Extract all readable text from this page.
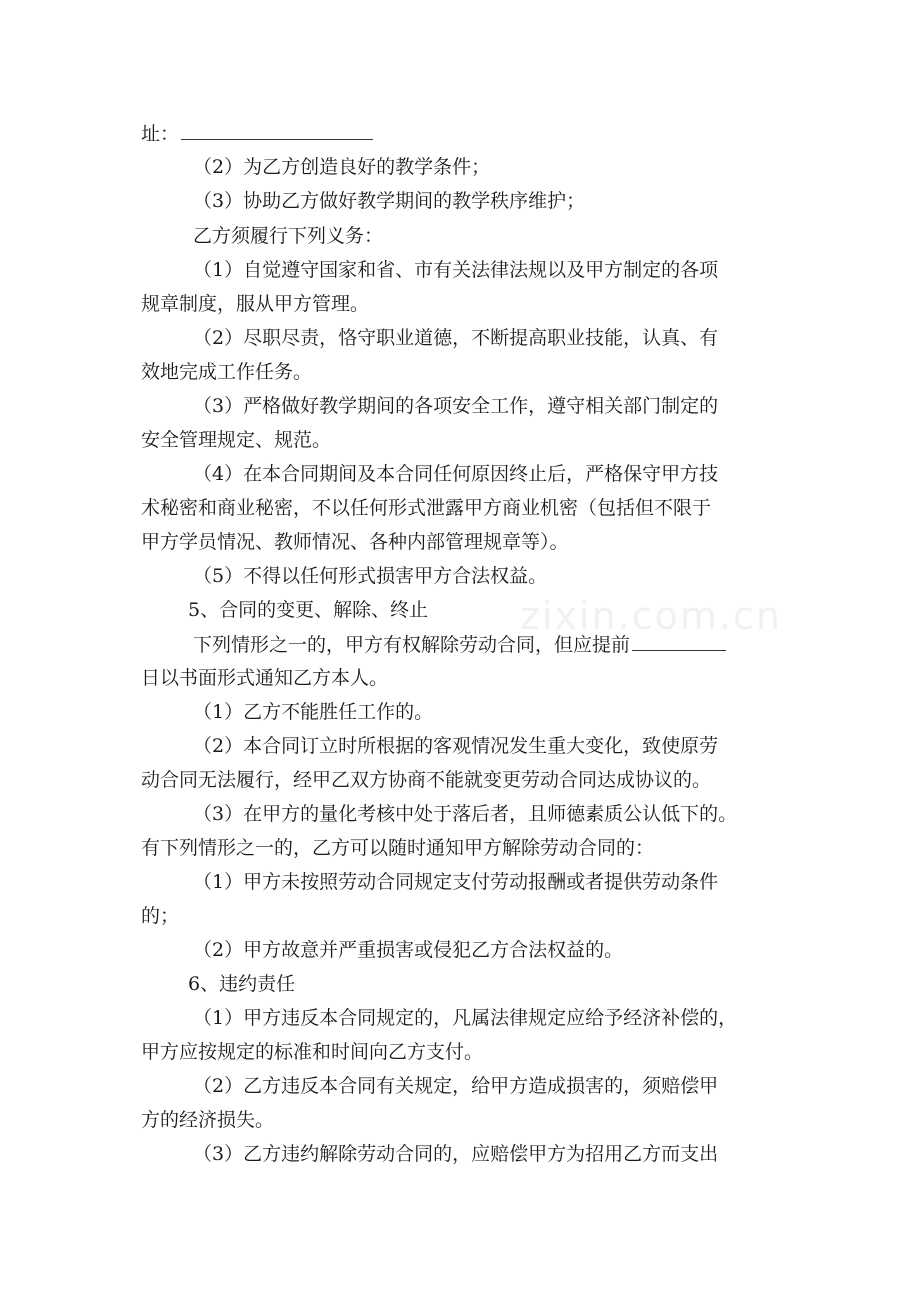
zixin.com.cn
址：
（2）为乙方创造良好的教学条件；
（3）协助乙方做好教学期间的教学秩序维护；
乙方须履行下列义务：
（1）自觉遵守国家和省、市有关法律法规以及甲方制定的各项
规章制度，服从甲方管理。
（2）尽职尽责，恪守职业道德，不断提高职业技能，认真、有
效地完成工作任务。
（3）严格做好教学期间的各项安全工作，遵守相关部门制定的
安全管理规定、规范。
（4）在本合同期间及本合同任何原因终止后，严格保守甲方技
术秘密和商业秘密，不以任何形式泄露甲方商业机密（包括但不限于
甲方学员情况、教师情况、各种内部管理规章等）。
（5）不得以任何形式损害甲方合法权益。
5、合同的变更、解除、终止
下列情形之一的，甲方有权解除劳动合同，但应提前
日以书面形式通知乙方本人。
（1）乙方不能胜任工作的。
（2）本合同订立时所根据的客观情况发生重大变化，致使原劳
动合同无法履行，经甲乙双方协商不能就变更劳动合同达成协议的。
（3）在甲方的量化考核中处于落后者，且师德素质公认低下的。
有下列情形之一的，乙方可以随时通知甲方解除劳动合同的：
（1）甲方未按照劳动合同规定支付劳动报酬或者提供劳动条件
的；
（2）甲方故意并严重损害或侵犯乙方合法权益的。
6、违约责任
（1）甲方违反本合同规定的，凡属法律规定应给予经济补偿的，
甲方应按规定的标准和时间向乙方支付。
（2）乙方违反本合同有关规定，给甲方造成损害的，须赔偿甲
方的经济损失。
（3）乙方违约解除劳动合同的，应赔偿甲方为招用乙方而支出
